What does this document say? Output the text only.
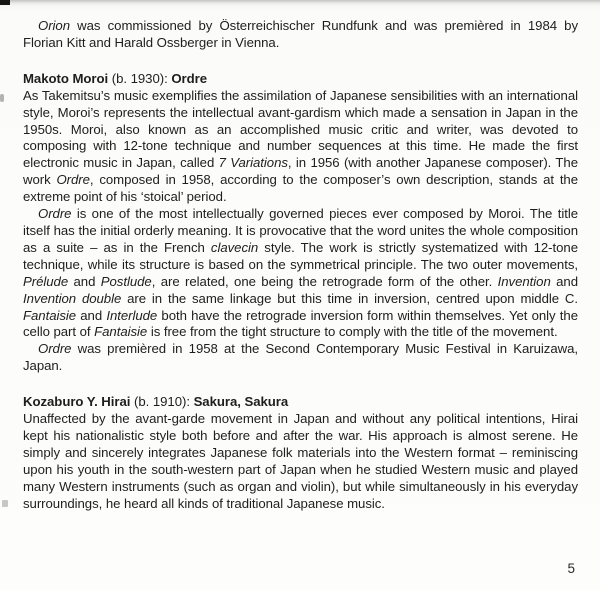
Orion was commissioned by Österreichischer Rundfunk and was premièred in 1984 by Florian Kitt and Harald Ossberger in Vienna.

Makoto Moroi (b. 1930): Ordre

As Takemitsu’s music exemplifies the assimilation of Japanese sensibilities with an international style, Moroi’s represents the intellectual avant-gardism which made a sensation in Japan in the 1950s. Moroi, also known as an accomplished music critic and writer, was devoted to composing with 12-tone technique and number sequences at this time. He made the first electronic music in Japan, called 7 Variations, in 1956 (with another Japanese composer). The work Ordre, composed in 1958, according to the composer’s own description, stands at the extreme point of his ‘stoical’ period.

Ordre is one of the most intellectually governed pieces ever composed by Moroi. The title itself has the initial orderly meaning. It is provocative that the word unites the whole composition as a suite – as in the French clavecin style. The work is strictly systematized with 12-tone technique, while its structure is based on the symmetrical principle. The two outer movements, Prélude and Postlude, are related, one being the retrograde form of the other. Invention and Invention double are in the same linkage but this time in inversion, centred upon middle C. Fantaisie and Interlude both have the retrograde inversion form within themselves. Yet only the cello part of Fantaisie is free from the tight structure to comply with the title of the movement.

Ordre was premièred in 1958 at the Second Contemporary Music Festival in Karuizawa, Japan.

Kozaburo Y. Hirai (b. 1910): Sakura, Sakura

Unaffected by the avant-garde movement in Japan and without any political intentions, Hirai kept his nationalistic style both before and after the war. His approach is almost serene. He simply and sincerely integrates Japanese folk materials into the Western format – reminiscing upon his youth in the south-western part of Japan when he studied Western music and played many Western instruments (such as organ and violin), but while simultaneously in his everyday surroundings, he heard all kinds of traditional Japanese music.

5
